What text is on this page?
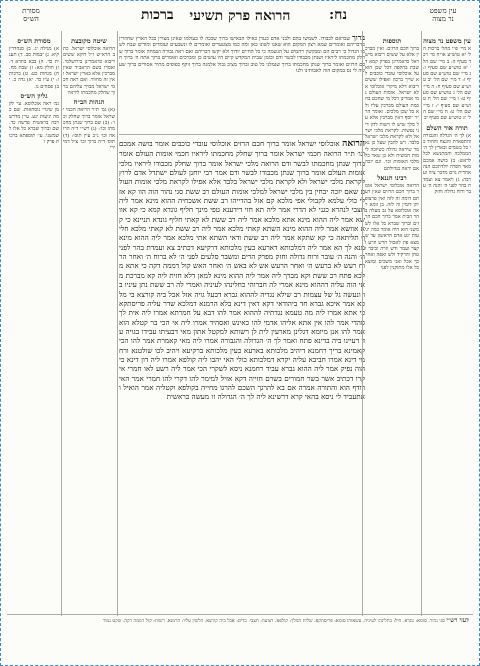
נח:
הרואה פרק תשיעי
ברכות	עין משפט
נר מצוה
מסורת
הש״ס
ברוך שבראם לכבודו. לשמשו בהם ולבני אדם כנגדן כאילו הבאישו ברוך שככה לו בעולמו שאינן מצויין בכל הארץ שחוזרין מדבריהם ואומרים שמא רצון המקום הוא שאנו לשונו כאן ומה כמו מצטערים ואומרים לו ונשבעים ועומדים ומודים שבח לשמו הגדול כי רבים הם ומבקשין רחמים על הנשמה כי כל החיים יודוך ולא יקשו דבריהם ואם ראה גבורה ושמחה אומר ברוך שחלק מחכמתו ליראיו ושנתן מכבודו לבשר ודם ובזמן שבית המקדש קיים היו עושים כן ומברכים ואומרים ברוך אתה ה׳ ברוך חכם הרזים ואומר ברוך שנתן מחכמתו ברוך שגמלני כל טוב וברוך מציב גבול אלמנה ברוך זוקף כפופים מתיר אסורים ברוך שעשה לי נס במקום הזה לאבותינו ולנו
הרואה אוכלוסי ישראל אומר ברוך חכם הרזים אוכלוסי עובדי כוכבים אומר בושה אמכם וגו׳ ת״ר הרואה חכמי ישראל אומר ברוך שחלק מחכמתו ליראיו חכמי אומות העולם אומר ברוך שנתן מחכמתו לבשר ודם הרואה מלכי ישראל אומר ברוך שחלק מכבודו ליראיו מלכי אומות העולם אומר ברוך שנתן מכבודו לבשר ודם אמר רבי יוחנן לעולם ישתדל אדם לרוץ לקראת מלכי ישראל ולא לקראת מלכי ישראל בלבד אלא אפילו לקראת מלכי אומות העולם שאם יזכה יבחין בין מלכי ישראל למלכי אומות העולם רב ששת סגי נהור הוה הוו קא אזלי כולי עלמא לקבולי אפי מלכא קם אזל בהדייהו רב ששת אשכחיה ההוא מינא אמר ליה חצבי לנהרא כגני לא הדרי אמר ליה תא חזי דידענא טפי מינך חליף גונדא קמא כי קא אוושא אמר ליה ההוא מינא אתא מלכא אמר ליה רב ששת לא קאתי חליף גונדא תניינא כי קא אוושא אמר ליה ההוא מינא השתא קאתי מלכא אמר ליה רב ששת לא קאתי מלכא חליף תליתאה כי קא שתקא אמר ליה רב ששת ודאי השתא אתי מלכא אמר ליה ההוא מינא מנא לך הא אמר ליה דמלכותא דארעא כעין מלכותא דרקיעא דכתיב צא ועמדת בהר לפני ה׳ והנה ה׳ עובר ורוח גדולה וחזק מפרק הרים ומשבר סלעים לפני ה׳ לא ברוח ה׳ ואחר הרוח רעש לא ברעש ה׳ ואחר הרעש אש לא באש ה׳ ואחר האש קול דממה דקה כי אתא מלכא פתח רב ששת וקא מברך ליה אמר ליה ההוא מינא למאן דלא חזית ליה קא מברכת מאי הוה עליה דההוא מינא אמרי לה חברוהי כחלינהו לעיניה ואמרי לה רב ששת נתן עיניו בו ונעשה גל של עצמות רב שילא נגדיה לההוא גברא דבעל גויה אזל אכל ביה קורצא בי מלכא אמר איכא גברא חד ביהודאי דקא דאין דינא בלא הרמנא דמלכא שדר עליה פריסתקא כי אתא אמרו ליה מה טעמא נגדתיה לההוא אמר להו דבא על חמרתא אמרו ליה אית לך סהדי אמר להו אין אתא אליהו אדמי להו כאינש ואסהיד אמרו ליה אי הכי בר קטלא הוא אמר להו אנן מיומא דגלינן מארעין לית לן רשותא למקטל אתון מאי דבעיתו עבידו בגויה עד דעיינו ביה בדינא פתח ואמר לך ה׳ הגדולה והגבורה אמרו ליה מאי קאמרת אמר להו הכי קאמינא בריך רחמנא דיהיב מלכותא בארעא כעין מלכותא ברקיעא ויהיב לכו שולטנא ורחמי דינא אמרו חביבא עליה יקרא דמלכותא כולי האי יהבו ליה קולפא אמרו ליה דון דינא כי הוה נפיק אמר ליה ההוא גברא עביד רחמנא ניסא לשקרי הכי אמר ליה רשע לאו חמרי איקרו דכתיב אשר בשר חמורים בשרם חזייה דקא אזיל למימר להו דקרי להו חמרי אמר האי רודף הוא והתורה אמרה אם בא להרגך השכם להרגו מחייה בקולפא וקטליה אמר הואיל ואתעביד לי ניסא בהאי קרא דרשינא ליה לך ה׳ הגדולה זו מעשה בראשית
תוספות
ברוך חכם הרזים. ואין מברכין אלא על ששים ריבוא מישראל כדאמרינן בפרק קמא דשבת בהקפה דכל שכן הוא על אוכלוסי עובדי כוכבים לא שייך ברכה ואפילו ששים ריבוא דלא מיקרי אוכלוסי אלא ישראל. אומות העולם נמי אמרינן דכל מי שחכם בחכמת העולם מברכין עליו ולא כל שכן מלכים. ואומר הר״ר יוסף דאין מברכין אלא על מלך שיש לו רשות לדון דיני נפשות. לקראת מלכי ישראל ולא לקראת מלכי ישראל בלבד. ויש להבין שעל כן נאמר שיראה גדולה כשיזכה לימות המשיח ולא כן שאר כל מלכי האומות וכו׳. וגם יזכה אם יראה בגדולתם
רבינו חננאל
הרואה אוכלוסי ישראל אומר ברוך חכם הרזים שאין דעתם דומה זה לזה ואין פרצופיהן דומין זה לזה. בן זומא ראה אוכלוסא על גב מעלה בהר הבית אמר ברוך חכם הרזים וברוך שברא כל אלו לשמשני הוא היה אומר כמה יגיעות יגע אדם הראשון עד שמצא פת לאכול חרש וזרע וקצר ועמר ודש וזרה וביבר וטחן והרקיד ולש ואפה ואחר כך אכל ואני משכים ומוצא כל אלו מתוקנין לפני
עין משפט נר מצוה
א מיי׳ פ״י מהל׳ ברכות הל׳ יא טוש״ע או״ח סי׳ רכד סעיף ה: ב מיי׳ שם הל׳ יא טוש״ע שם סעיף ו: ג מיי׳ שם טוש״ע שם סעיף ז: ד מיי׳ שם הל׳ יב טוש״ע שם סעיף ח: ה מיי׳ שם הל׳ ג טוש״ע שם סעיף ט: ו מיי׳ שם הל׳ ח טוש״ע שם סעיף י: ז מיי׳ שם הל׳ ט: ח מיי׳ שם הל׳ יג טוש״ע שם סעיף יב
תורה אור השלם
א) לך ה׳ הגדלה והגבורה והתפארת והנצח וההוד כי כל בשמים ובארץ לך ה׳ הממלכה והמתנשא לכל לראש: ב) בושה אמכם מאד חפרה יולדתכם הנה אחרית גוים מדבר ציה וערבה: ג) ויאמר צא ועמדת בהר לפני ה׳ והנה ה׳ עבר ורוח גדולה וחזק
שיטה מקובצת
הרואה אוכלוסי ישראל. כתב הרא״ש ז״ל דוקא ששים ריבוא כדאמרינן בירושלמי. ואמרו בשם הראב״ד שאין מברכין אלא בארץ ישראל ואין זה מחוור. ואם ראה חכמי ישראל מברך עליהם ברוך שחלק מחכמתו ליראיו
הגהות הב״ח
(א) גמ׳ ת״ר הרואה חכמי ישראל אומר ברוך שחלק וכו׳: (ב) שם ברוך שנתן מחכמתו וכו׳: (ג) רש״י ד״ה הרואה וכו׳ נ״ב עיין תוס׳: (ד) תוס׳ ד״ה ברוך וכו׳ צ״ל דמיירי
מסורת הש״ס
א) מגילה יג. ב) סנהדרין קיא. ג) יבמות סב. ד) תענית כד. ה) בבא בתרא ד. ו) חולין מא: ז) שבת מח. ח) מנחות כט: ט) ברכות ו: י) ע״ז כד. יא) נדה כ. יב) פסחים נו.
גליון הש״ס
גמ׳ ראה אוכלוסא. עי׳ לקמן שינויי נוסחאות. שם כמה יגיעות יגע. עיין מדרש רבה בראשית פרשה כד. שם וברוך שברא כל אלו לשמשני. עי׳ תוספתא ברכות פרק ו
לעזי רש״י סגי נהור. סומא: גונדא. חיל: כחלינהו לעיניה. עשאוהו סומא: פריסתקא. שליח המלך: קולפא. רצועה: חצבי. כדים: אכל ביה קורצא. הלשין עליו: הרמנא. רשות: קול דממה דקה. שקט גמור
